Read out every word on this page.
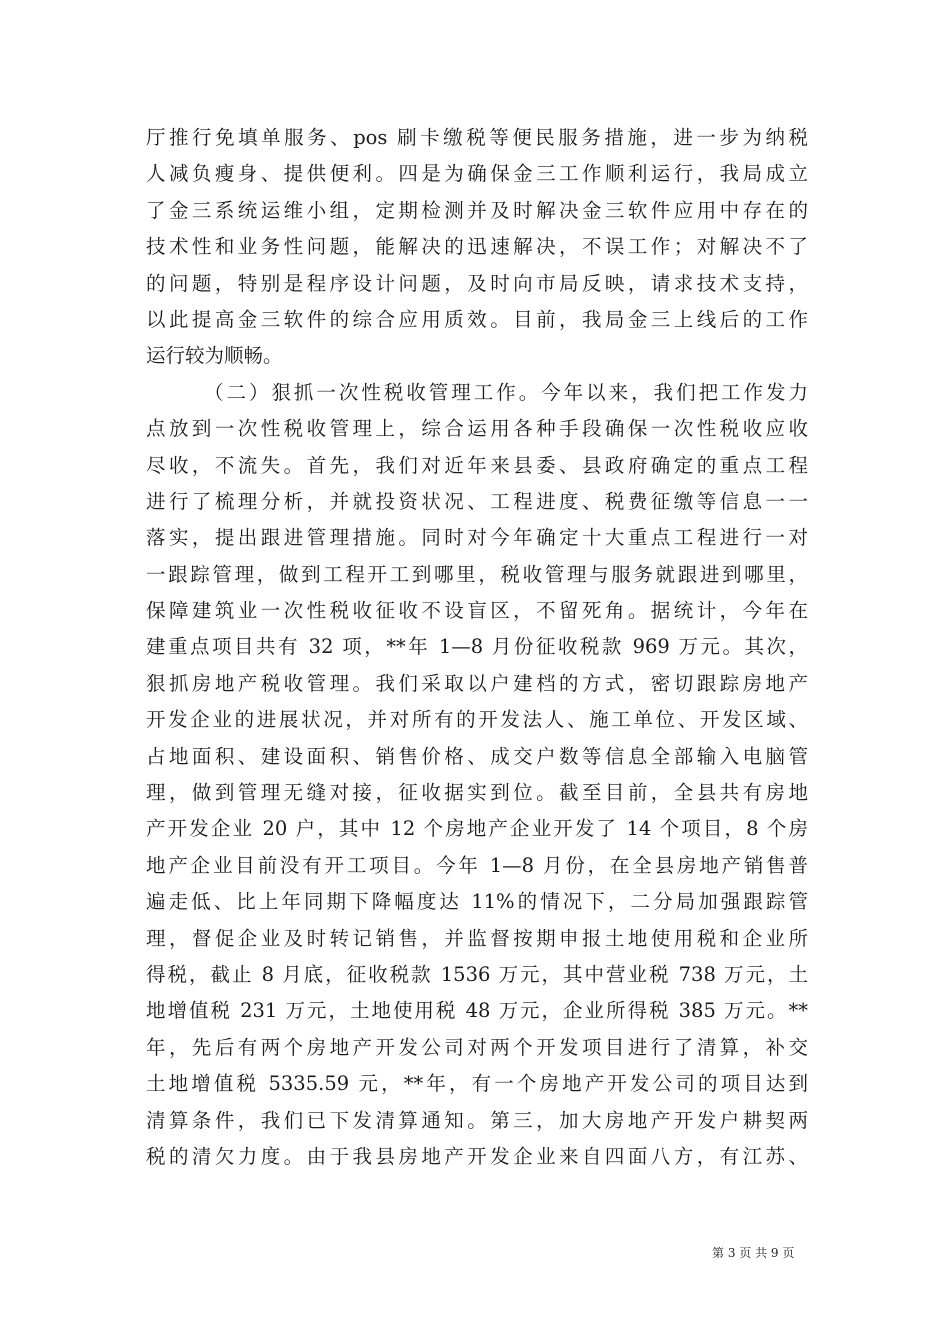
厅推行免填单服务、pos 刷卡缴税等便民服务措施，进一步为纳税
人减负瘦身、提供便利。四是为确保金三工作顺利运行，我局成立
了金三系统运维小组，定期检测并及时解决金三软件应用中存在的
技术性和业务性问题，能解决的迅速解决，不误工作；对解决不了
的问题，特别是程序设计问题，及时向市局反映，请求技术支持，
以此提高金三软件的综合应用质效。目前，我局金三上线后的工作
运行较为顺畅。
（二）狠抓一次性税收管理工作。今年以来，我们把工作发力
点放到一次性税收管理上，综合运用各种手段确保一次性税收应收
尽收，不流失。首先，我们对近年来县委、县政府确定的重点工程
进行了梳理分析，并就投资状况、工程进度、税费征缴等信息一一
落实，提出跟进管理措施。同时对今年确定十大重点工程进行一对
一跟踪管理，做到工程开工到哪里，税收管理与服务就跟进到哪里，
保障建筑业一次性税收征收不设盲区，不留死角。据统计，今年在
建重点项目共有 32 项，**年 1—8 月份征收税款 969 万元。其次，
狠抓房地产税收管理。我们采取以户建档的方式，密切跟踪房地产
开发企业的进展状况，并对所有的开发法人、施工单位、开发区域、
占地面积、建设面积、销售价格、成交户数等信息全部输入电脑管
理，做到管理无缝对接，征收据实到位。截至目前，全县共有房地
产开发企业 20 户，其中 12 个房地产企业开发了 14 个项目，8 个房
地产企业目前没有开工项目。今年 1—8 月份，在全县房地产销售普
遍走低、比上年同期下降幅度达 11%的情况下，二分局加强跟踪管
理，督促企业及时转记销售，并监督按期申报土地使用税和企业所
得税，截止 8 月底，征收税款 1536 万元，其中营业税 738 万元，土
地增值税 231 万元，土地使用税 48 万元，企业所得税 385 万元。**
年，先后有两个房地产开发公司对两个开发项目进行了清算，补交
土地增值税 5335.59 元，**年，有一个房地产开发公司的项目达到
清算条件，我们已下发清算通知。第三，加大房地产开发户耕契两
税的清欠力度。由于我县房地产开发企业来自四面八方，有江苏、
第 3 页 共 9 页
